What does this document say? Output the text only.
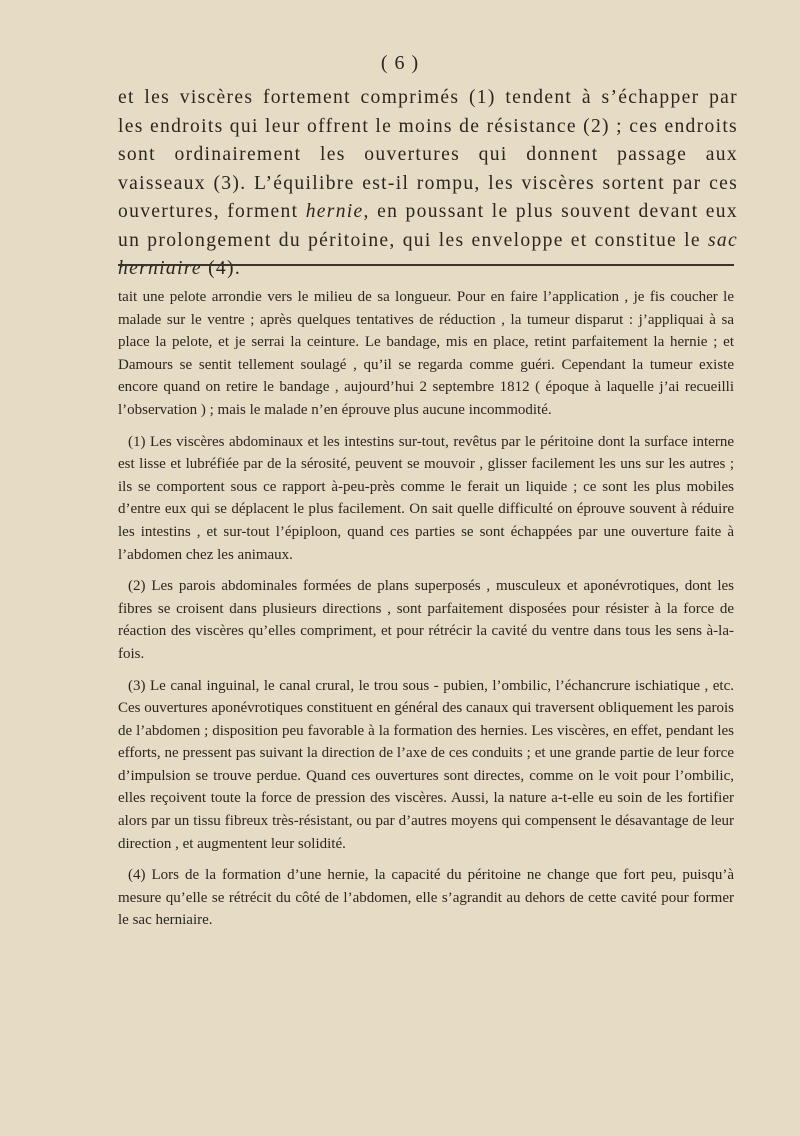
( 6 )

et les viscères fortement comprimés (1) tendent à s’échapper par les endroits qui leur offrent le moins de résistance (2) ; ces endroits sont ordinairement les ouvertures qui donnent passage aux vaisseaux (3). L’équilibre est-il rompu, les viscères sortent par ces ouvertures, forment hernie, en poussant le plus souvent devant eux un prolongement du péritoine, qui les enveloppe et constitue le sac herniaire (4).

tait une pelote arrondie vers le milieu de sa longueur. Pour en faire l’application , je fis coucher le malade sur le ventre ; après quelques tentatives de réduction , la tumeur disparut : j’appliquai à sa place la pelote, et je serrai la ceinture. Le bandage, mis en place, retint parfaitement la hernie ; et Damours se sentit tellement soulagé , qu’il se regarda comme guéri. Cependant la tumeur existe encore quand on retire le bandage , aujourd’hui 2 septembre 1812 ( époque à laquelle j’ai recueilli l’observation ) ; mais le malade n’en éprouve plus aucune incommodité.

(1) Les viscères abdominaux et les intestins sur-tout, revêtus par le péritoine dont la surface interne est lisse et lubréfiée par de la sérosité, peuvent se mouvoir , glisser facilement les uns sur les autres ; ils se comportent sous ce rapport à-peu-près comme le ferait un liquide ; ce sont les plus mobiles d’entre eux qui se déplacent le plus facilement. On sait quelle difficulté on éprouve souvent à réduire les intestins , et sur-tout l’épiploon, quand ces parties se sont échappées par une ouverture faite à l’abdomen chez les animaux.

(2) Les parois abdominales formées de plans superposés , musculeux et aponévrotiques, dont les fibres se croisent dans plusieurs directions , sont parfaitement disposées pour résister à la force de réaction des viscères qu’elles compriment, et pour rétrécir la cavité du ventre dans tous les sens à-la-fois.

(3) Le canal inguinal, le canal crural, le trou sous - pubien, l’ombilic, l’échancrure ischiatique , etc. Ces ouvertures aponévrotiques constituent en général des canaux qui traversent obliquement les parois de l’abdomen ; disposition peu favorable à la formation des hernies. Les viscères, en effet, pendant les efforts, ne pressent pas suivant la direction de l’axe de ces conduits ; et une grande partie de leur force d’impulsion se trouve perdue. Quand ces ouvertures sont directes, comme on le voit pour l’ombilic, elles reçoivent toute la force de pression des viscères. Aussi, la nature a-t-elle eu soin de les fortifier alors par un tissu fibreux très-résistant, ou par d’autres moyens qui compensent le désavantage de leur direction , et augmentent leur solidité.

(4) Lors de la formation d’une hernie, la capacité du péritoine ne change que fort peu, puisqu’à mesure qu’elle se rétrécit du côté de l’abdomen, elle s’agrandit au dehors de cette cavité pour former le sac herniaire.
